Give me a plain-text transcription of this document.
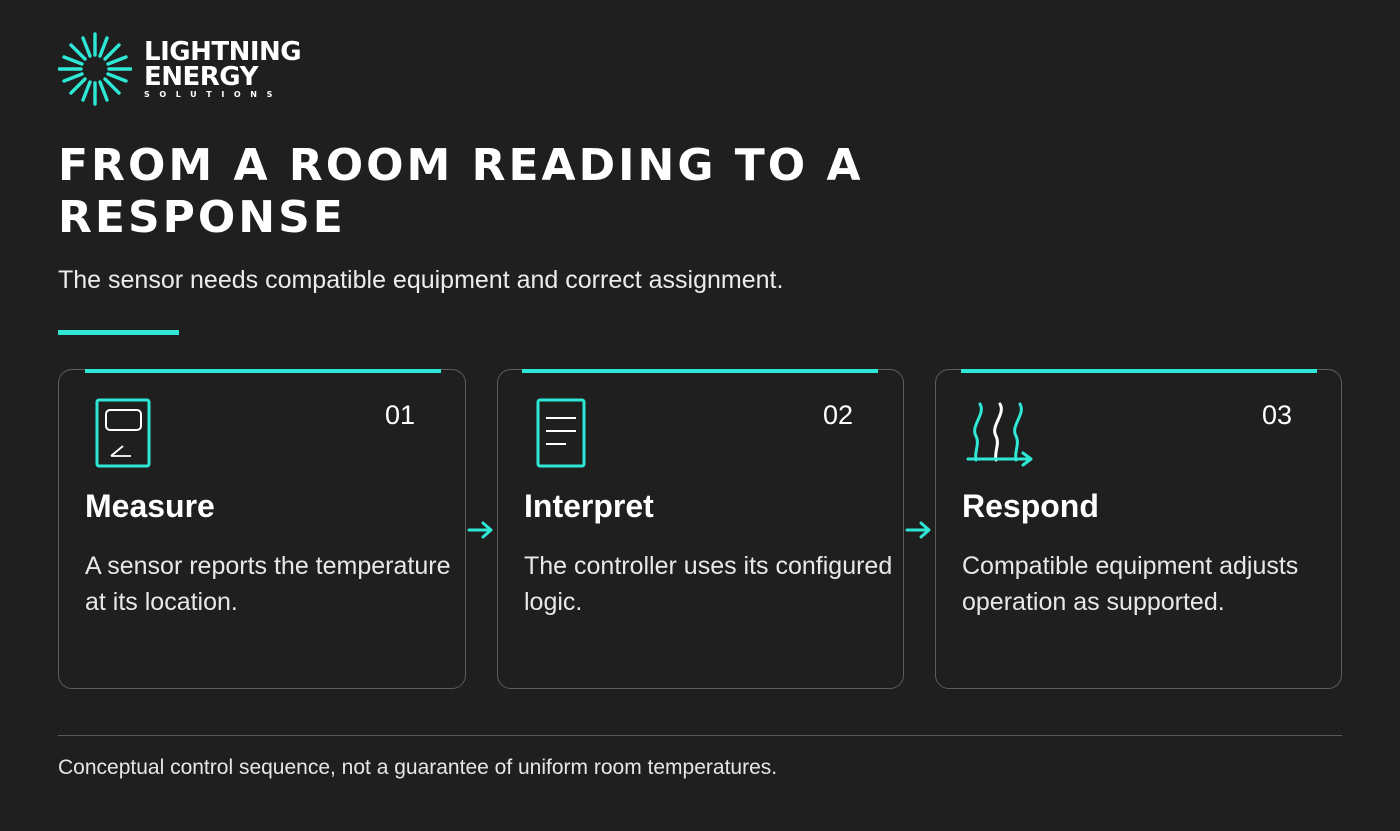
LIGHTNING
ENERGY
SOLUTIONS
FROM A ROOM READING TO A RESPONSE
The sensor needs compatible equipment and correct assignment.
01
Measure

A sensor reports the temperature at its location.

02
Interpret

The controller uses its configured logic.

03
Respond

Compatible equipment adjusts operation as supported.

Conceptual control sequence, not a guarantee of uniform room temperatures.
